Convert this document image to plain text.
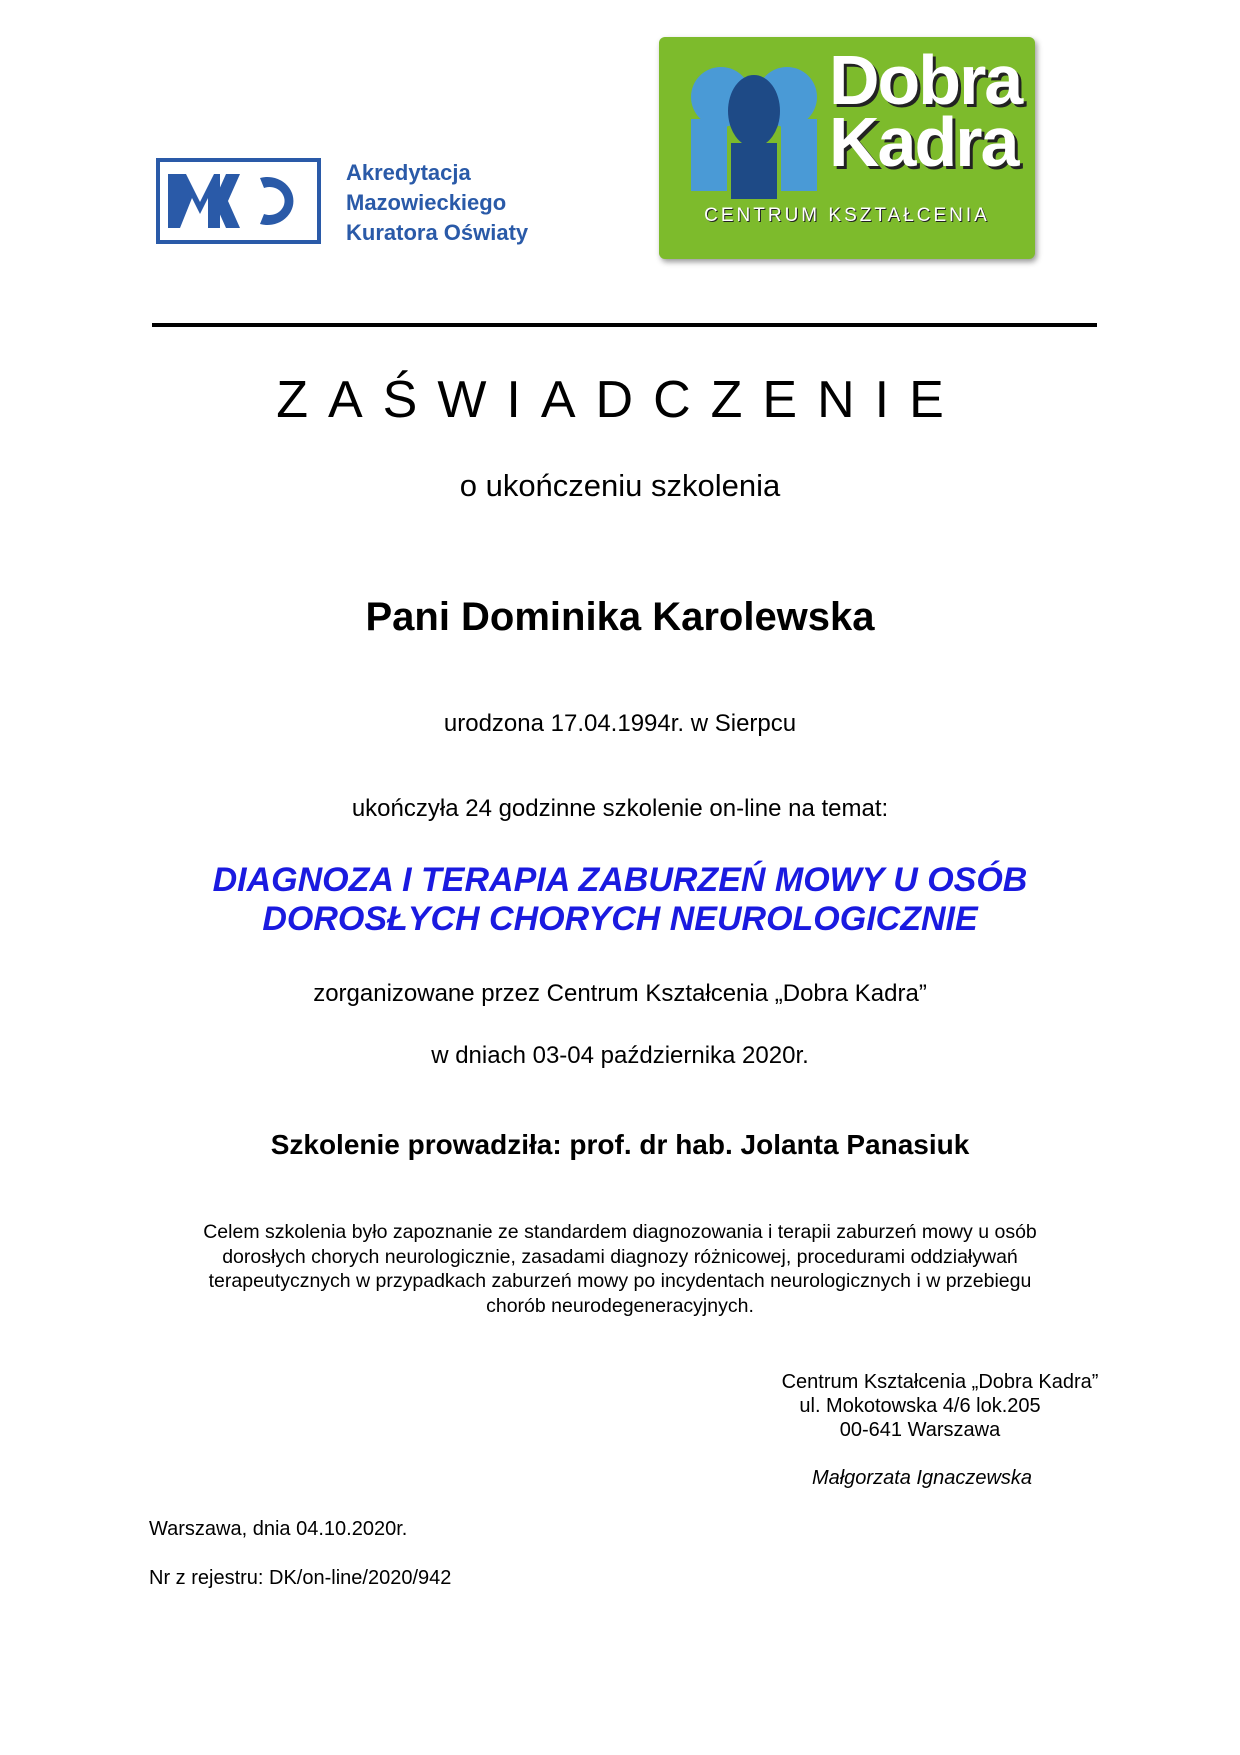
Akredytacja
Mazowieckiego
Kuratora Oświaty
Dobra
Kadra
CENTRUM KSZTAŁCENIA
ZAŚWIADCZENIE
o ukończeniu szkolenia
Pani Dominika Karolewska
urodzona 17.04.1994r. w Sierpcu
ukończyła 24 godzinne szkolenie on-line na temat:
DIAGNOZA I TERAPIA ZABURZEŃ MOWY U OSÓB
DOROSŁYCH CHORYCH NEUROLOGICZNIE
zorganizowane przez Centrum Kształcenia „Dobra Kadra”
w dniach 03-04 października 2020r.
Szkolenie prowadziła: prof. dr hab. Jolanta Panasiuk
Celem szkolenia było zapoznanie ze standardem diagnozowania i terapii zaburzeń mowy u osób
dorosłych chorych neurologicznie, zasadami diagnozy różnicowej, procedurami oddziaływań
terapeutycznych w przypadkach zaburzeń mowy po incydentach neurologicznych i w przebiegu
chorób neurodegeneracyjnych.
Centrum Kształcenia „Dobra Kadra”
ul. Mokotowska 4/6 lok.205
00-641 Warszawa
Małgorzata Ignaczewska
Warszawa, dnia 04.10.2020r.
Nr z rejestru: DK/on-line/2020/942
